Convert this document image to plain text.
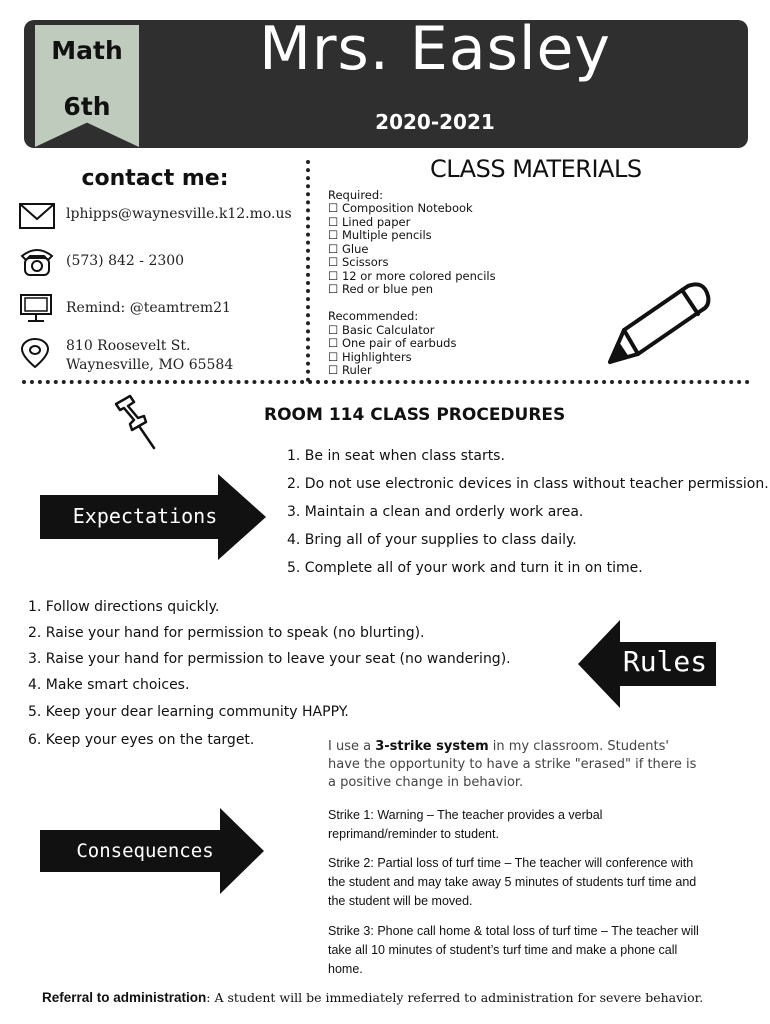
Math
6th
Mrs. Easley
2020-2021
contact me:
lphipps@waynesville.k12.mo.us
(573) 842 - 2300
Remind: @teamtrem21
810 Roosevelt St.
Waynesville, MO 65584
CLASS MATERIALS
Required:
☐ Composition Notebook
☐ Lined paper
☐ Multiple pencils
☐ Glue
☐ Scissors
☐ 12 or more colored pencils
☐ Red or blue pen
Recommended:
☐ Basic Calculator
☐ One pair of earbuds
☐ Highlighters
☐ Ruler
ROOM 114 CLASS PROCEDURES
Expectations
1. Be in seat when class starts.
2. Do not use electronic devices in class without teacher permission.
3. Maintain a clean and orderly work area.
4. Bring all of your supplies to class daily.
5. Complete all of your work and turn it in on time.
1. Follow directions quickly.
2. Raise your hand for permission to speak (no blurting).
3. Raise your hand for permission to leave your seat (no wandering).
4. Make smart choices.
5. Keep your dear learning community HAPPY.
6. Keep your eyes on the target.
Rules
I use a 3-strike system in my classroom. Students' have the opportunity to have a strike "erased" if there is a positive change in behavior.
Consequences
Strike 1: Warning – The teacher provides a verbal reprimand/reminder to student.
Strike 2: Partial loss of turf time – The teacher will conference with the student and may take away 5 minutes of students turf time and the student will be moved.
Strike 3: Phone call home & total loss of turf time – The teacher will take all 10 minutes of student’s turf time and make a phone call home.
Referral to administration: A student will be immediately referred to administration for severe behavior.
